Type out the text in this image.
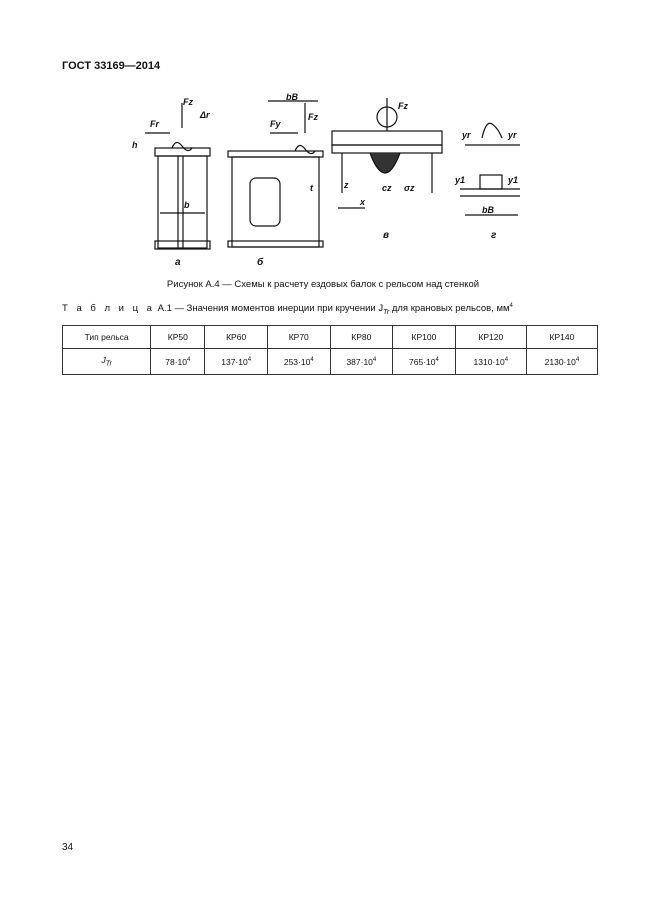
ГОСТ 33169—2014
Fz
Fr
Δr
h
b
bB
Fz
Fy
t
Fz
cz σz
x
z
yr	yr
y1	y1
bB
а	б
в	г
Рисунок А.4 — Схемы к расчету ездовых балок с рельсом над стенкой
Т а б л и ц а А.1 — Значения моментов инерции при кручении $J_{Tr}$ для крановых рельсов, $мм^4$
Тип рельса	КР50	КР60	КР70	КР80	КР100	КР120	КР140
$J_{Tr}$	$78\cdot 10^4$	$137\cdot 10^4$	$253\cdot 10^4$	$387\cdot 10^4$	$765\cdot 10^4$	$1310\cdot 10^4$	$2130\cdot 10^4$
34
